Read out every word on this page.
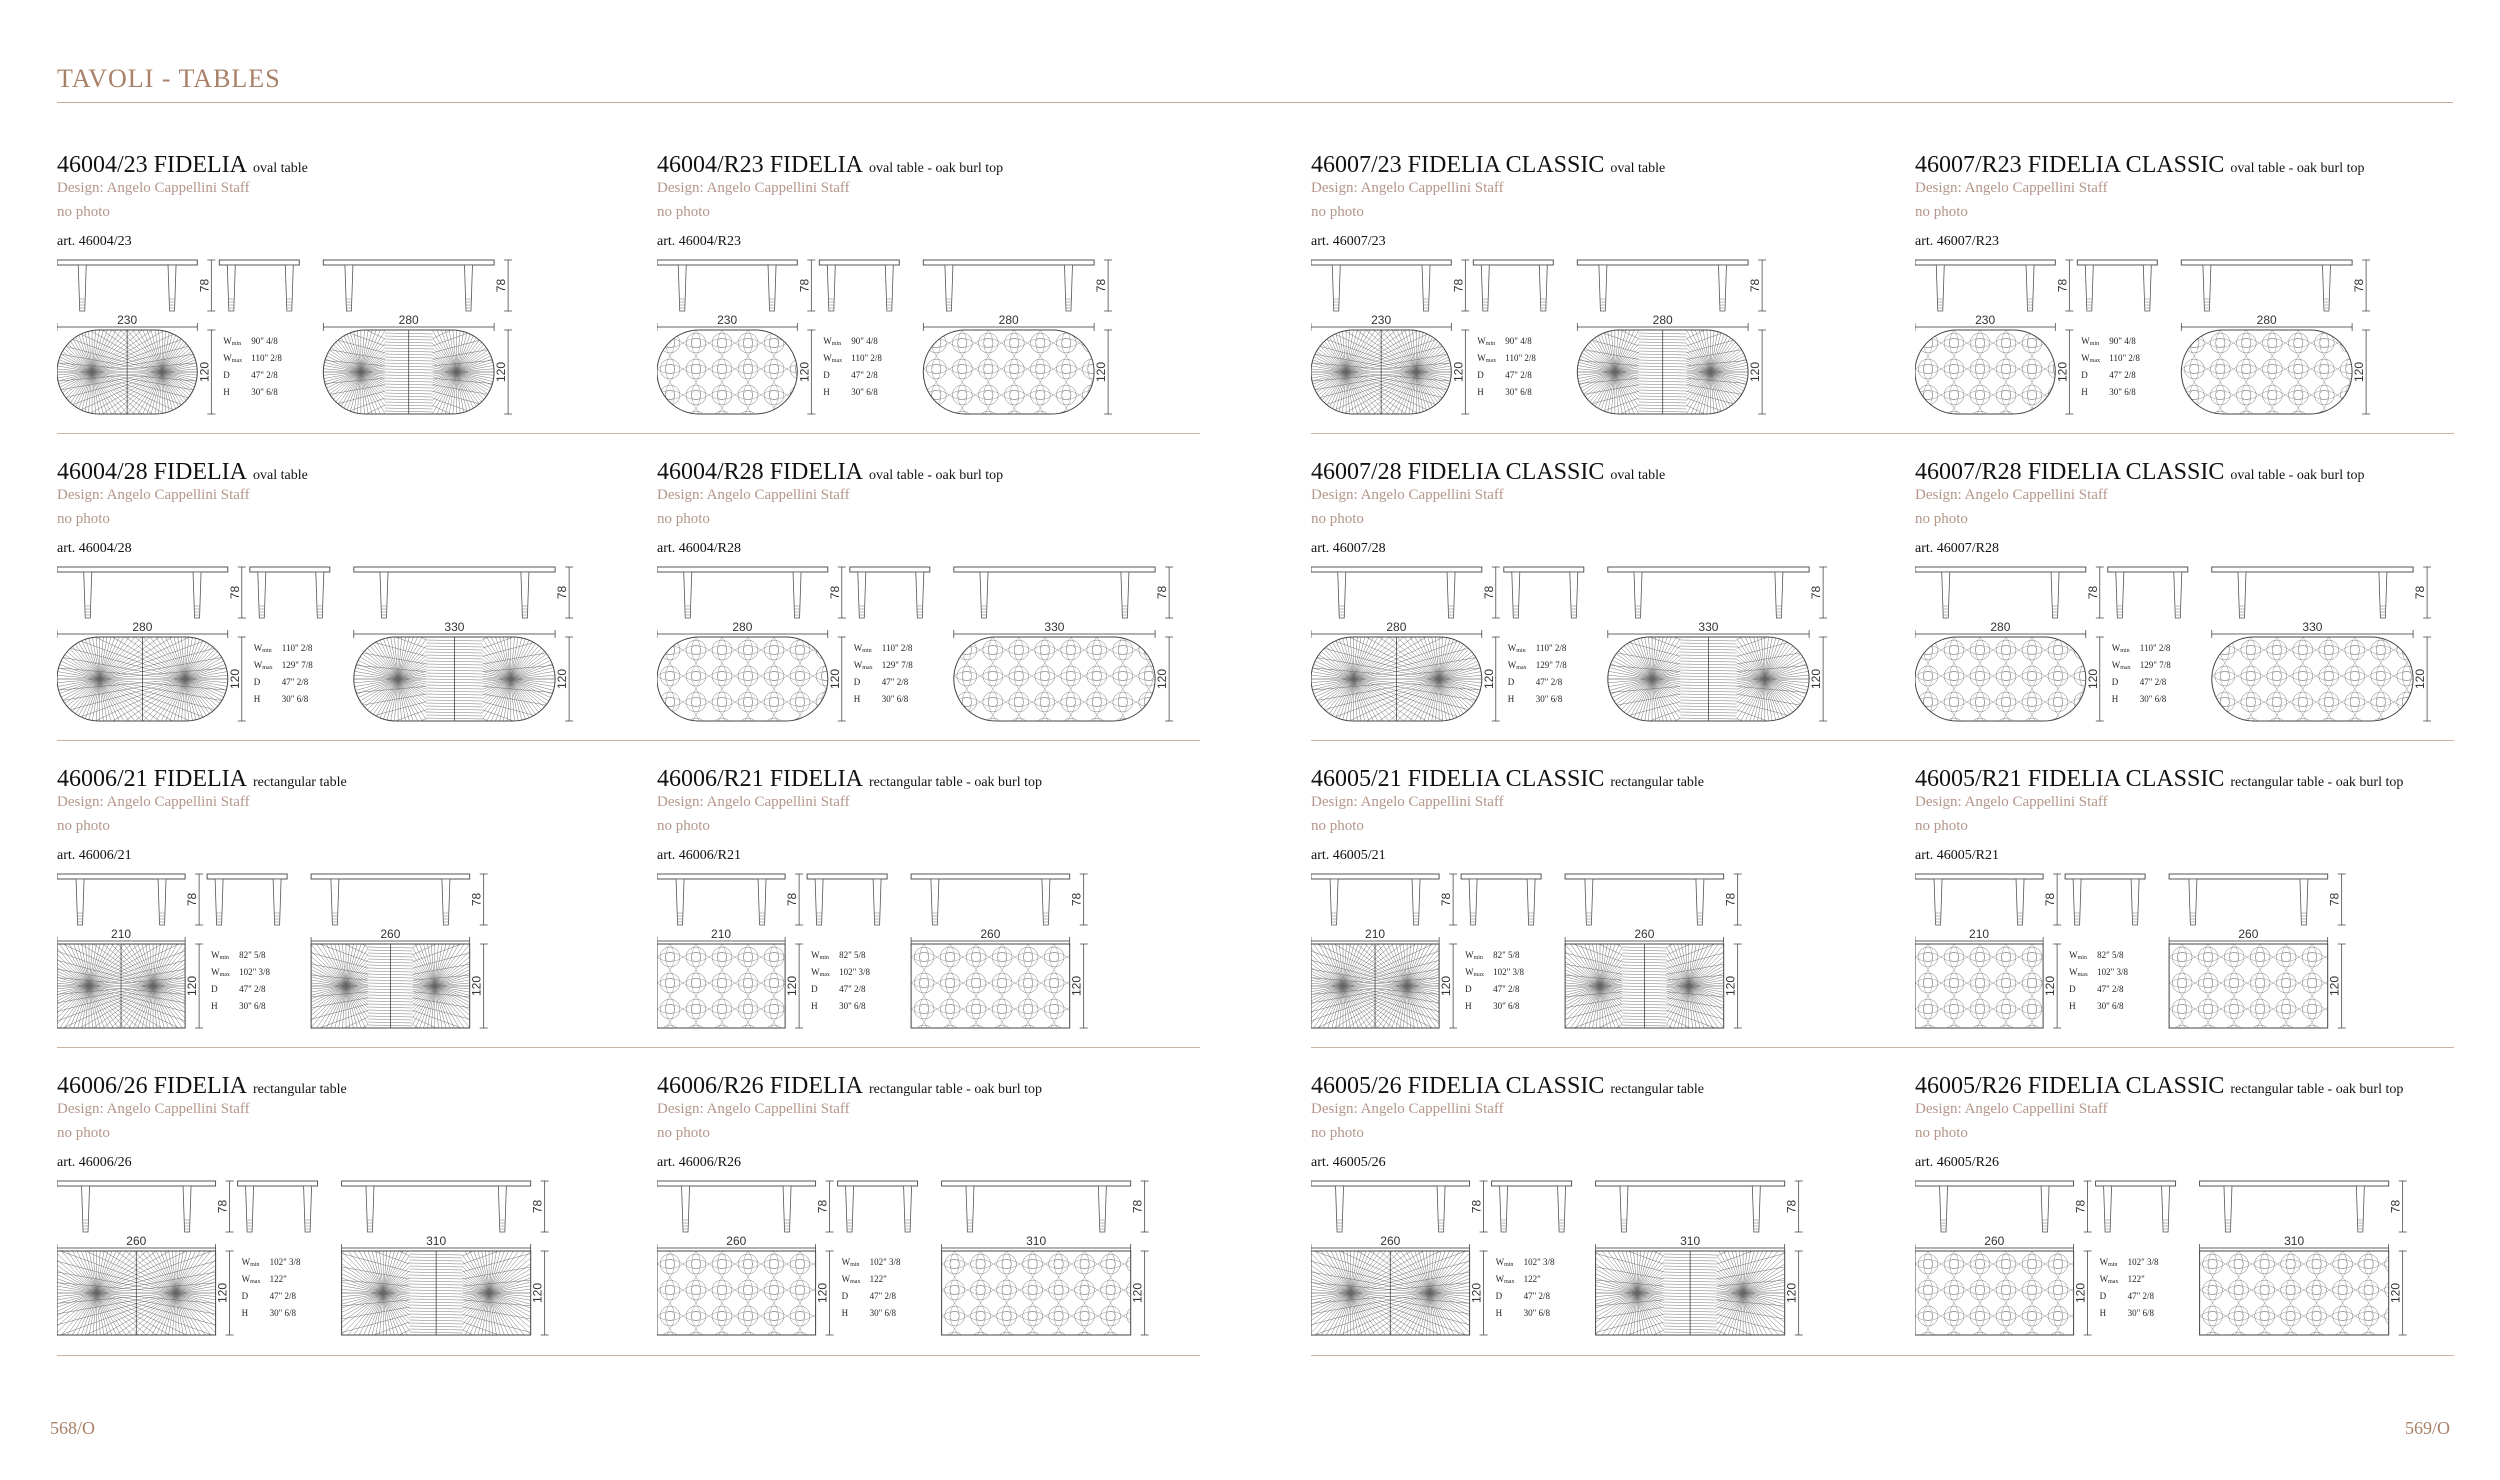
TAVOLI - TABLES
46004/23 FIDELIA oval table
Design: Angelo Cappellini Staff
no photo
art. 46004/23
78	78
230
120
280
120
Wmin 90" 4/8
Wmax 110" 2/8
D 47" 2/8
H 30" 6/8
46004/R23 FIDELIA oval table - oak burl top
Design: Angelo Cappellini Staff
no photo
art. 46004/R23
78	78
230
120
280
120
Wmin 90" 4/8
Wmax 110" 2/8
D 47" 2/8
H 30" 6/8
46007/23 FIDELIA CLASSIC oval table
Design: Angelo Cappellini Staff
no photo
art. 46007/23
78	78
230
120
280
120
Wmin 90" 4/8
Wmax 110" 2/8
D 47" 2/8
H 30" 6/8
46007/R23 FIDELIA CLASSIC oval table - oak burl top
Design: Angelo Cappellini Staff
no photo
art. 46007/R23
78	78
230
120
280
120
Wmin 90" 4/8
Wmax 110" 2/8
D 47" 2/8
H 30" 6/8
46004/28 FIDELIA oval table
Design: Angelo Cappellini Staff
no photo
art. 46004/28
78	78
280
120
330
120
Wmin 110" 2/8
Wmax 129" 7/8
D 47" 2/8
H 30" 6/8
46004/R28 FIDELIA oval table - oak burl top
Design: Angelo Cappellini Staff
no photo
art. 46004/R28
78	78
280
120
330
120
Wmin 110" 2/8
Wmax 129" 7/8
D 47" 2/8
H 30" 6/8
46007/28 FIDELIA CLASSIC oval table
Design: Angelo Cappellini Staff
no photo
art. 46007/28
78	78
280
120
330
120
Wmin 110" 2/8
Wmax 129" 7/8
D 47" 2/8
H 30" 6/8
46007/R28 FIDELIA CLASSIC oval table - oak burl top
Design: Angelo Cappellini Staff
no photo
art. 46007/R28
78	78
280
120
330
120
Wmin 110" 2/8
Wmax 129" 7/8
D 47" 2/8
H 30" 6/8
46006/21 FIDELIA rectangular table
Design: Angelo Cappellini Staff
no photo
art. 46006/21
78	78
210
120
260
120
Wmin 82" 5/8
Wmax 102" 3/8
D 47" 2/8
H 30" 6/8
46006/R21 FIDELIA rectangular table - oak burl top
Design: Angelo Cappellini Staff
no photo
art. 46006/R21
78	78
210
120
260
120
Wmin 82" 5/8
Wmax 102" 3/8
D 47" 2/8
H 30" 6/8
46005/21 FIDELIA CLASSIC rectangular table
Design: Angelo Cappellini Staff
no photo
art. 46005/21
78	78
210
120
260
120
Wmin 82" 5/8
Wmax 102" 3/8
D 47" 2/8
H 30" 6/8
46005/R21 FIDELIA CLASSIC rectangular table - oak burl top
Design: Angelo Cappellini Staff
no photo
art. 46005/R21
78	78
210
120
260
120
Wmin 82" 5/8
Wmax 102" 3/8
D 47" 2/8
H 30" 6/8
46006/26 FIDELIA rectangular table
Design: Angelo Cappellini Staff
no photo
art. 46006/26
78	78
260
120
310
120
Wmin 102" 3/8
Wmax 122"
D 47" 2/8
H 30" 6/8
46006/R26 FIDELIA rectangular table - oak burl top
Design: Angelo Cappellini Staff
no photo
art. 46006/R26
78	78
260
120
310
120
Wmin 102" 3/8
Wmax 122"
D 47" 2/8
H 30" 6/8
46005/26 FIDELIA CLASSIC rectangular table
Design: Angelo Cappellini Staff
no photo
art. 46005/26
78	78
260
120
310
120
Wmin 102" 3/8
Wmax 122"
D 47" 2/8
H 30" 6/8
46005/R26 FIDELIA CLASSIC rectangular table - oak burl top
Design: Angelo Cappellini Staff
no photo
art. 46005/R26
78	78
260
120
310
120
Wmin 102" 3/8
Wmax 122"
D 47" 2/8
H 30" 6/8
568/O	569/O
